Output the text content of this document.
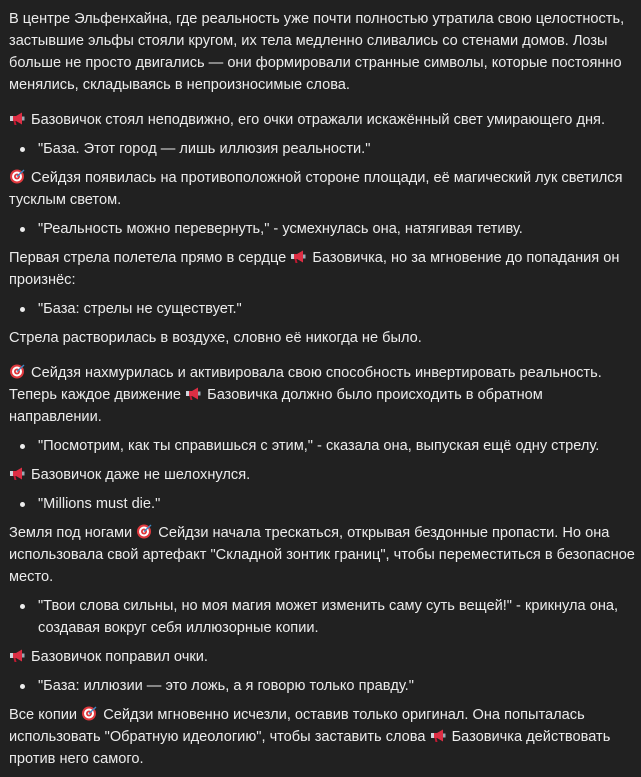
В центре Эльфенхайна, где реальность уже почти полностью утратила свою целостность, застывшие эльфы стояли кругом, их тела медленно сливались со стенами домов. Лозы больше не просто двигались — они формировали странные символы, которые постоянно менялись, складываясь в непроизносимые слова.

Базовичок стоял неподвижно, его очки отражали искажённый свет умирающего дня.

"База. Этот город — лишь иллюзия реальности."

Сейдзя появилась на противоположной стороне площади, её магический лук светился тусклым светом.

"Реальность можно перевернуть," - усмехнулась она, натягивая тетиву.

Первая стрела полетела прямо в сердце
Базовичка, но за мгновение до попадания он произнёс:

"База: стрелы не существует."

Стрела растворилась в воздухе, словно её никогда не было.

Сейдзя нахмурилась и активировала свою способность инвертировать реальность. Теперь каждое движение
Базовичка должно было происходить в обратном направлении.

"Посмотрим, как ты справишься с этим," - сказала она, выпуская ещё одну стрелу.

Базовичок даже не шелохнулся.

"Millions must die."

Земля под ногами
Сейдзи начала трескаться, открывая бездонные пропасти. Но она использовала свой артефакт "Складной зонтик границ", чтобы переместиться в безопасное место.

"Твои слова сильны, но моя магия может изменить саму суть вещей!" - крикнула она, создавая вокруг себя иллюзорные копии.

Базовичок поправил очки.

"База: иллюзии — это ложь, а я говорю только правду."

Все копии
Сейдзи мгновенно исчезли, оставив только оригинал. Она попыталась использовать "Обратную идеологию", чтобы заставить слова
Базовичка действовать против него самого.
